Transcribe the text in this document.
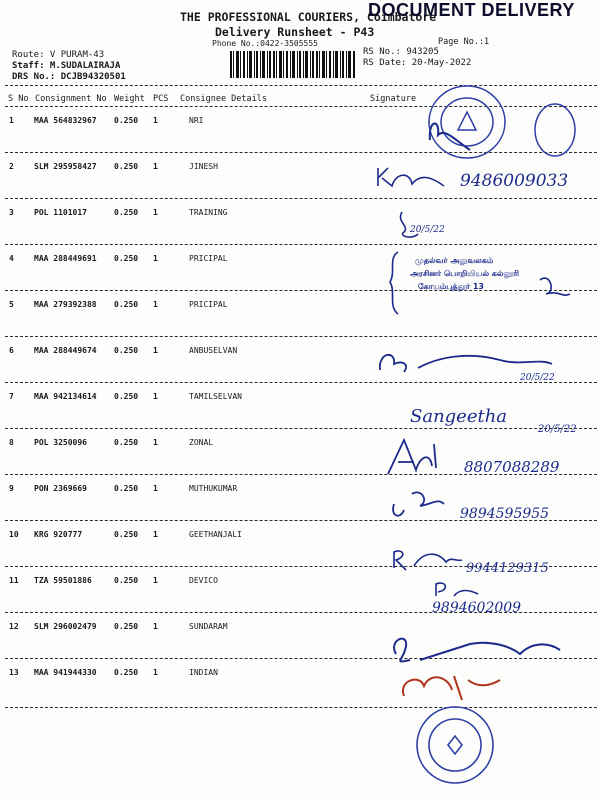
THE PROFESSIONAL COURIERS, Coimbatore
DOCUMENT DELIVERY
Delivery Runsheet - P43
Phone No.:0422-3505555	Page No.:1
Route: V PURAM-43
Staff: M.SUDALAIRAJA
DRS No.: DCJB94320501
RS No.: 943205
RS Date: 20-May-2022
S No Consignment No Weight PCS Consignee Details	Signature
1	MAA 564832967 0.250 1	NRI
2	SLM 295958427 0.250 1	JINESH
3	POL 1101017	0.250 1	TRAINING
4	MAA 288449691 0.250 1	PRICIPAL
5	MAA 279392388 0.250 1	PRICIPAL
6	MAA 288449674 0.250 1	ANBUSELVAN
7	MAA 942134614 0.250 1	TAMILSELVAN
8	POL 3250096	0.250 1	ZONAL
9	PON 2369669	0.250 1	MUTHUKUMAR
10 KRG 920777	0.250 1	GEETHANJALI
11 TZA 59501886	0.250 1	DEVICO
12 SLM 296002479 0.250 1	SUNDARAM
13 MAA 941944330 0.250 1	INDIAN
9486009033
20/5/22
முதல்வர் அலுவலகம்
அரசினர் பொறியியல் கல்லூரி
கோயம்புத்தூர் 13
20/5/22
Sangeetha
20/5/22
8807088289
9894595955
9944129315
9894602009
